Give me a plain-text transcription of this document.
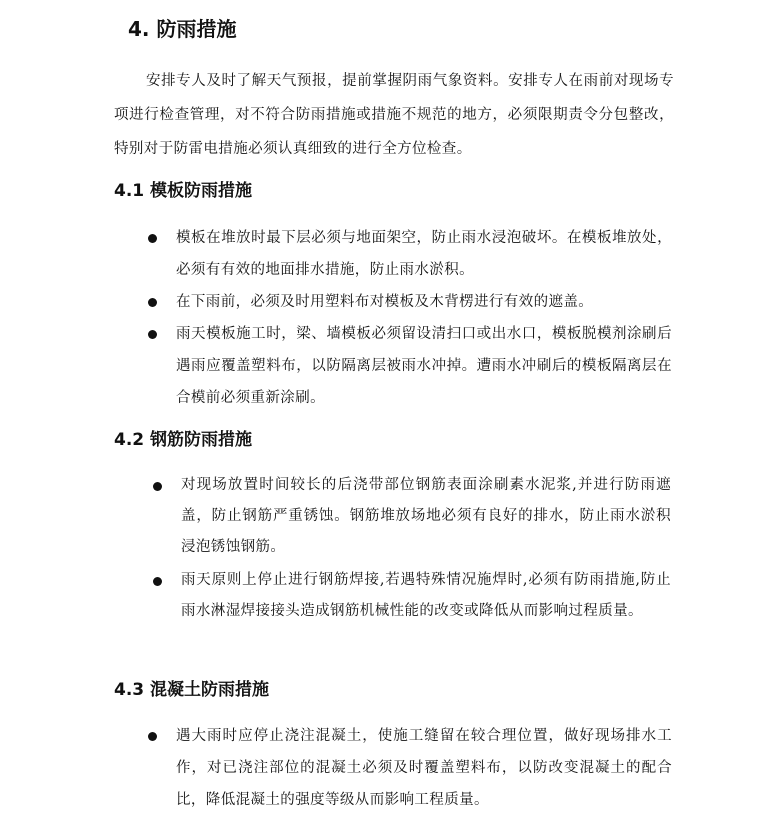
4. 防雨措施

安排专人及时了解天气预报，提前掌握阴雨气象资料。安排专人在雨前对现场专项进行检查管理，对不符合防雨措施或措施不规范的地方，必须限期责令分包整改，特别对于防雷电措施必须认真细致的进行全方位检查。

4.1 模板防雨措施
模板在堆放时最下层必须与地面架空，防止雨水浸泡破坏。在模板堆放处，必须有有效的地面排水措施，防止雨水淤积。
在下雨前，必须及时用塑料布对模板及木背楞进行有效的遮盖。
雨天模板施工时，梁、墙模板必须留设清扫口或出水口，模板脱模剂涂刷后遇雨应覆盖塑料布，以防隔离层被雨水冲掉。遭雨水冲刷后的模板隔离层在合模前必须重新涂刷。
4.2 钢筋防雨措施
对现场放置时间较长的后浇带部位钢筋表面涂刷素水泥浆,并进行防雨遮盖，防止钢筋严重锈蚀。钢筋堆放场地必须有良好的排水，防止雨水淤积浸泡锈蚀钢筋。
雨天原则上停止进行钢筋焊接,若遇特殊情况施焊时,必须有防雨措施,防止雨水淋湿焊接接头造成钢筋机械性能的改变或降低从而影响过程质量。
4.3 混凝土防雨措施
遇大雨时应停止浇注混凝土，使施工缝留在较合理位置，做好现场排水工作，对已浇注部位的混凝土必须及时覆盖塑料布，以防改变混凝土的配合比，降低混凝土的强度等级从而影响工程质量。
